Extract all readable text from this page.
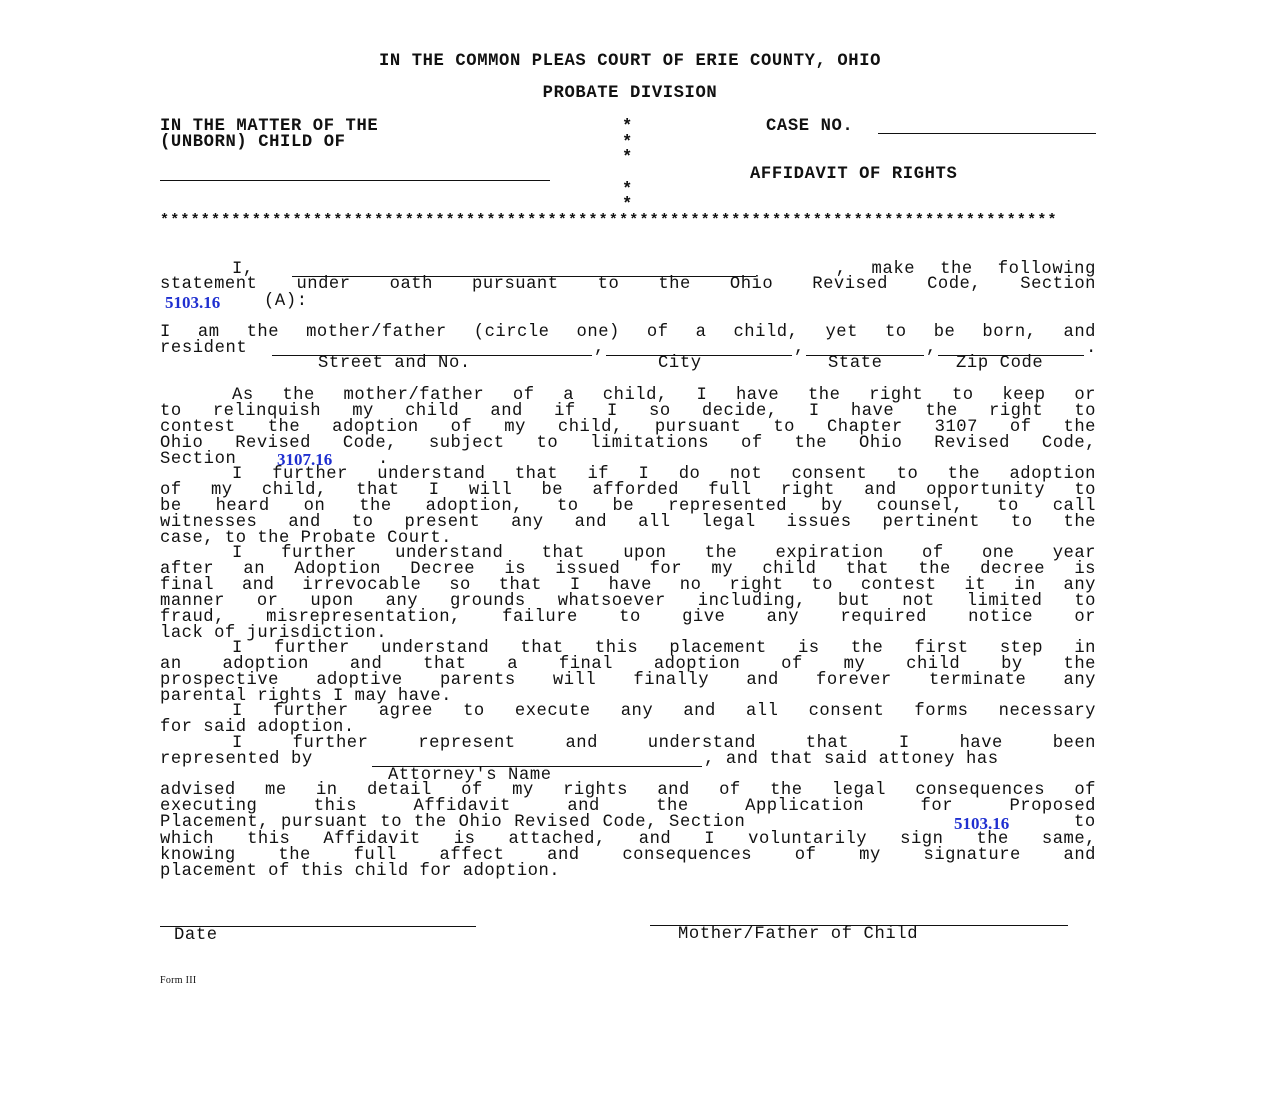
IN THE COMMON PLEAS COURT OF ERIE COUNTY, OHIO
PROBATE DIVISION
IN THE MATTER OF THE
(UNBORN) CHILD OF
*
*
*
*
*
CASE NO.
AFFIDAVIT OF RIGHTS
****************************************************************************************
I,	, make the following
statement under oath pursuant to the Ohio Revised Code, Section
5103.16	(A):
I am the mother/father (circle one) of a child, yet to be born, and
resident	,	,	,	.
Street and No.	City	State	Zip Code
As the mother/father of a child, I have the right to keep or
to relinquish my child and if I so decide, I have the right to
contest the adoption of my child, pursuant to Chapter 3107 of the
Ohio Revised Code, subject to limitations of the Ohio Revised Code,
Section 3107.16	.
I further understand that if I do not consent to the adoption
of my child, that I will be afforded full right and opportunity to
be heard on the adoption, to be represented by counsel, to call
witnesses and to present any and all legal issues pertinent to the
case, to the Probate Court.
I further understand that upon the expiration of one year
after an Adoption Decree is issued for my child that the decree is
final and irrevocable so that I have no right to contest it in any
manner or upon any grounds whatsoever including, but not limited to
fraud, misrepresentation, failure to give any required notice or
lack of jurisdiction.
I further understand that this placement is the first step in
an adoption and that a final adoption of my child by the
prospective adoptive parents will finally and forever terminate any
parental rights I may have.
I further agree to execute any and all consent forms necessary
for said adoption.
I further represent and understand that I have been
represented by	, and that said attoney has
Attorney's Name
advised me in detail of my rights and of the legal consequences of
executing this Affidavit and the Application for Proposed
Placement, pursuant to the Ohio Revised Code, Section	5103.16	to
which this Affidavit is attached, and I voluntarily sign the same,
knowing the full affect and consequences of my signature and
placement of this child for adoption.
Date	Mother/Father of Child
Form III
